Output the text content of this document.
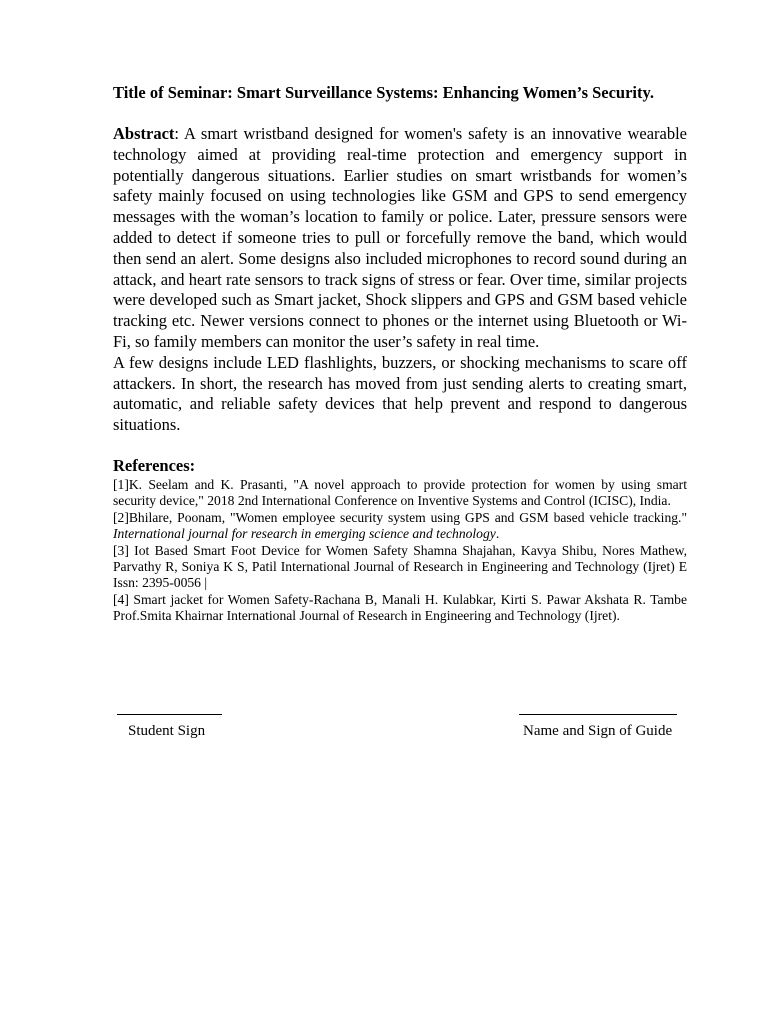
Title of Seminar: Smart Surveillance Systems: Enhancing Women’s Security.

Abstract: A smart wristband designed for women's safety is an innovative wearable technology aimed at providing real-time protection and emergency support in potentially dangerous situations. Earlier studies on smart wristbands for women’s safety mainly focused on using technologies like GSM and GPS to send emergency messages with the woman’s location to family or police. Later, pressure sensors were added to detect if someone tries to pull or forcefully remove the band, which would then send an alert. Some designs also included microphones to record sound during an attack, and heart rate sensors to track signs of stress or fear. Over time, similar projects were developed such as Smart jacket, Shock slippers and GPS and GSM based vehicle tracking etc. Newer versions connect to phones or the internet using Bluetooth or Wi-Fi, so family members can monitor the user’s safety in real time.

A few designs include LED flashlights, buzzers, or shocking mechanisms to scare off attackers. In short, the research has moved from just sending alerts to creating smart, automatic, and reliable safety devices that help prevent and respond to dangerous situations.

References:

[1]K. Seelam and K. Prasanti, "A novel approach to provide protection for women by using smart security device," 2018 2nd International Conference on Inventive Systems and Control (ICISC), India.

[2]Bhilare, Poonam, "Women employee security system using GPS and GSM based vehicle tracking." International journal for research in emerging science and technology.

[3] Iot Based Smart Foot Device for Women Safety Shamna Shajahan, Kavya Shibu, Nores Mathew, Parvathy R, Soniya K S, Patil International Journal of Research in Engineering and Technology (Ijret) E Issn: 2395-0056 |

[4] Smart jacket for Women Safety-Rachana B, Manali H. Kulabkar, Kirti S. Pawar Akshata R. Tambe Prof.Smita Khairnar International Journal of Research in Engineering and Technology (Ijret).

Student Sign	Name and Sign of Guide
